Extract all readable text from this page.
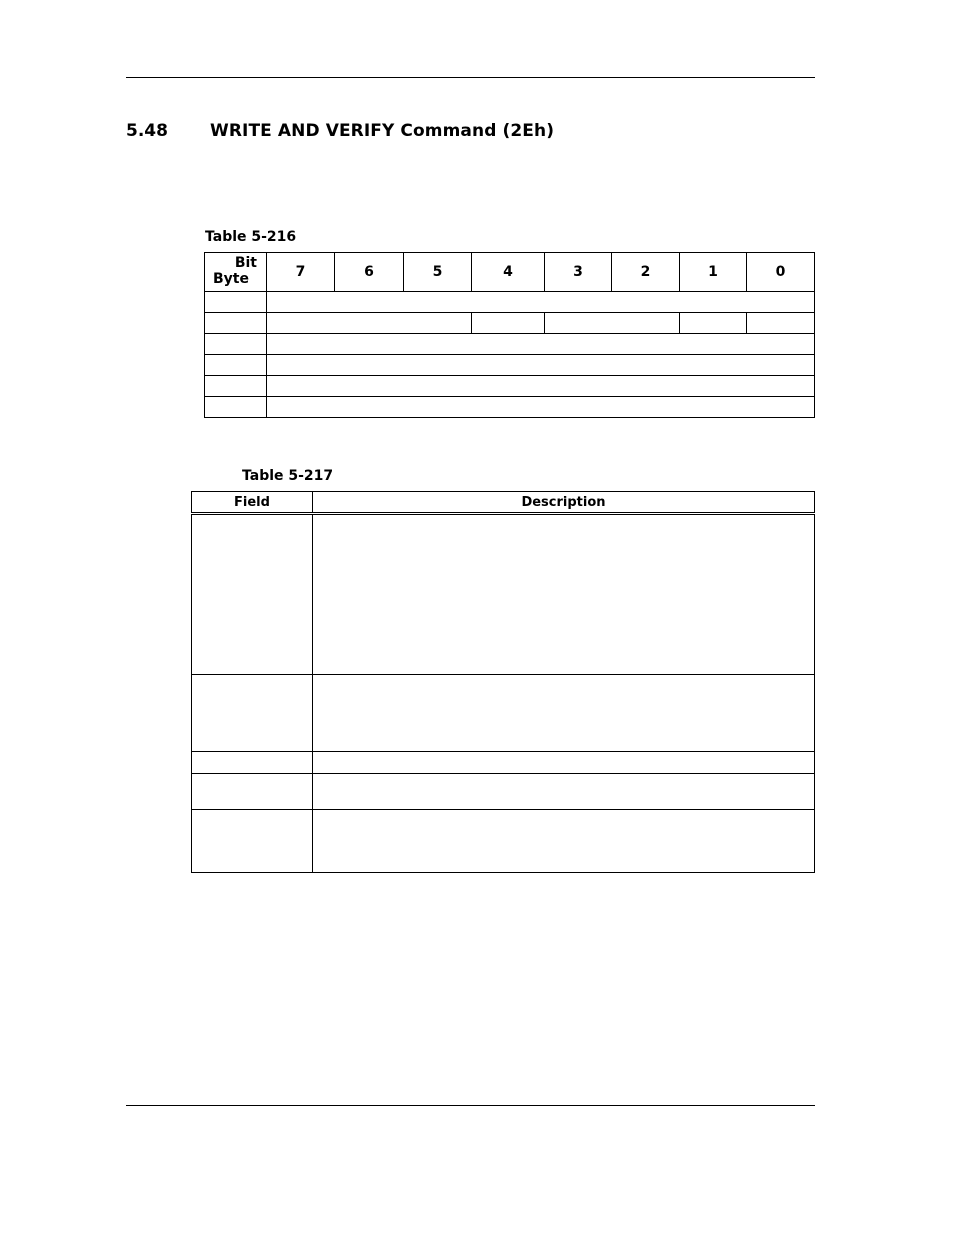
5.48 WRITE AND VERIFY Command (2Eh)
Table 5-216
Bit
Byte	7	6	5	4	3	2	1	0

Table 5-217
Field	Description
